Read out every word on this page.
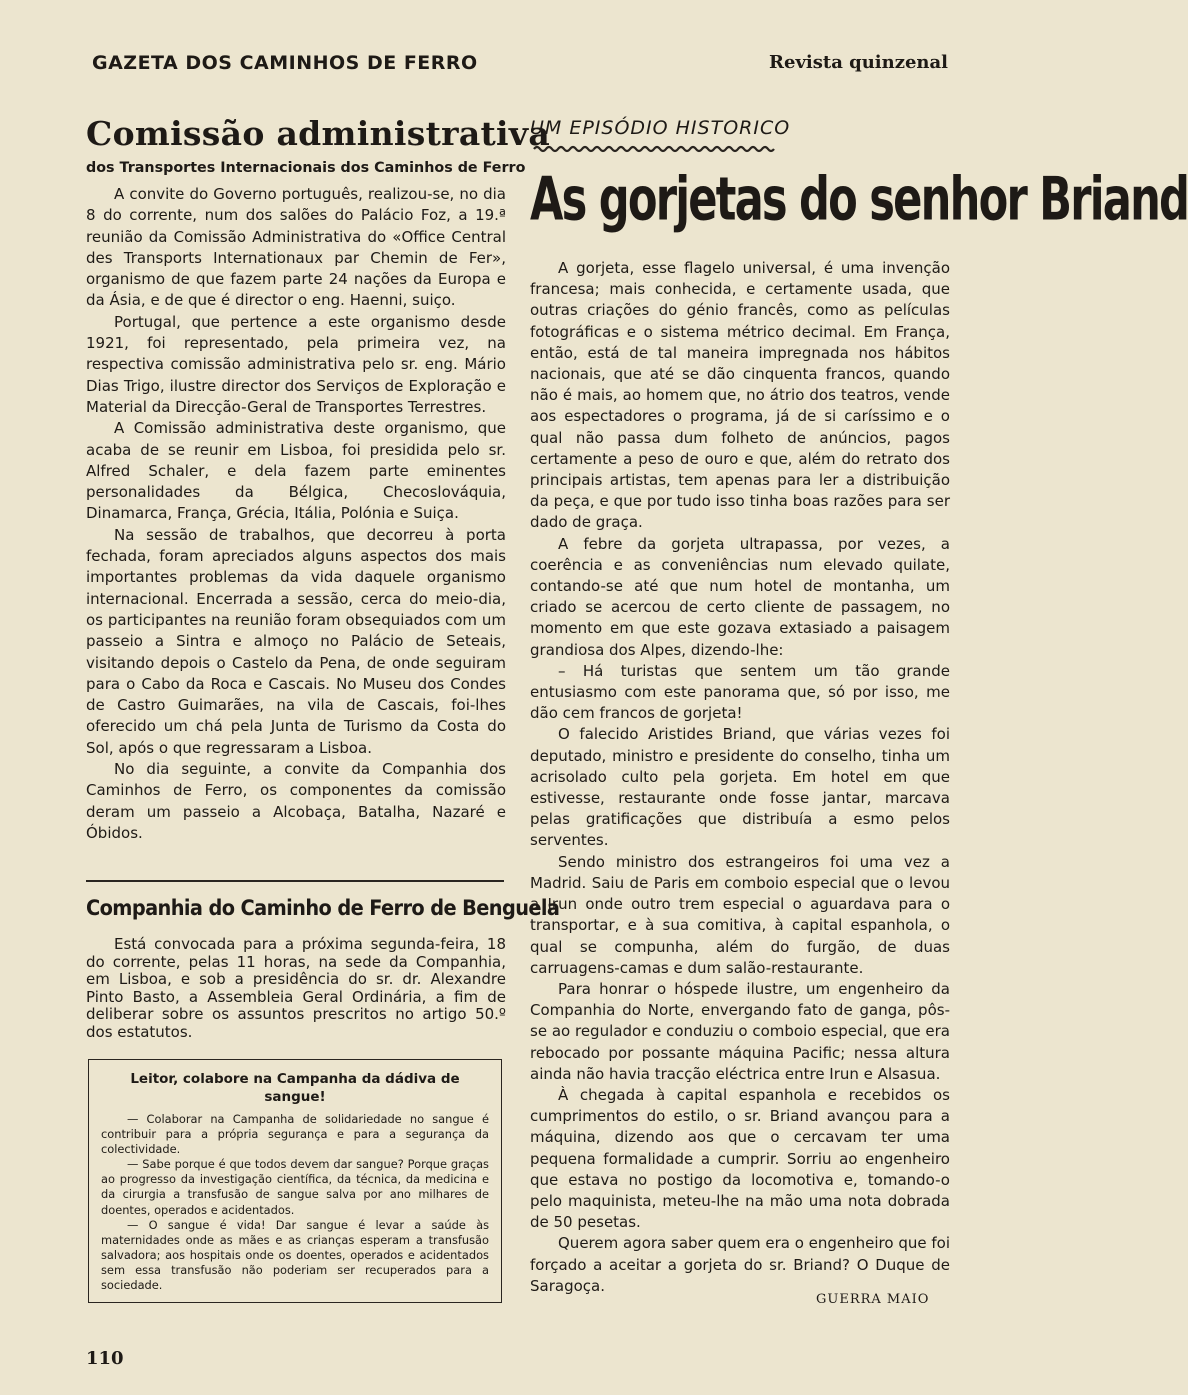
GAZETA DOS CAMINHOS DE FERRO	Revista quinzenal
Comissão administrativa
dos Transportes Internacionais dos Caminhos de Ferro

A convite do Governo português, realizou-se, no dia 8 do corrente, num dos salões do Palácio Foz, a 19.ª reunião da Comissão Administrativa do «Office Central des Transports Internationaux par Chemin de Fer», organismo de que fazem parte 24 nações da Europa e da Ásia, e de que é director o eng. Haenni, suiço.

Portugal, que pertence a este organismo desde 1921, foi representado, pela primeira vez, na respectiva comissão administrativa pelo sr. eng. Mário Dias Trigo, ilustre director dos Serviços de Exploração e Material da Direcção-Geral de Transportes Terrestres.

A Comissão administrativa deste organismo, que acaba de se reunir em Lisboa, foi presidida pelo sr. Alfred Schaler, e dela fazem parte eminentes personalidades da Bélgica, Checoslováquia, Dinamarca, França, Grécia, Itália, Polónia e Suiça.

Na sessão de trabalhos, que decorreu à porta fechada, foram apreciados alguns aspectos dos mais importantes problemas da vida daquele organismo internacional. Encerrada a sessão, cerca do meio-dia, os participantes na reunião foram obsequiados com um passeio a Sintra e almoço no Palácio de Seteais, visitando depois o Castelo da Pena, de onde seguiram para o Cabo da Roca e Cascais. No Museu dos Condes de Castro Guimarães, na vila de Cascais, foi-lhes oferecido um chá pela Junta de Turismo da Costa do Sol, após o que regressaram a Lisboa.

No dia seguinte, a convite da Companhia dos Caminhos de Ferro, os componentes da comissão deram um passeio a Alcobaça, Batalha, Nazaré e Óbidos.

Companhia do Caminho de Ferro de Benguela

Está convocada para a próxima segunda-feira, 18 do corrente, pelas 11 horas, na sede da Companhia, em Lisboa, e sob a presidência do sr. dr. Alexandre Pinto Basto, a Assembleia Geral Ordinária, a fim de deliberar sobre os assuntos prescritos no artigo 50.º dos estatutos.

Leitor, colabore na Campanha da dádiva de sangue!

— Colaborar na Campanha de solidariedade no sangue é contribuir para a própria segurança e para a segurança da colectividade.

— Sabe porque é que todos devem dar sangue? Porque graças ao progresso da investigação científica, da técnica, da medicina e da cirurgia a transfusão de sangue salva por ano milhares de doentes, operados e acidentados.

— O sangue é vida! Dar sangue é levar a saúde às maternidades onde as mães e as crianças esperam a transfusão salvadora; aos hospitais onde os doentes, operados e acidentados sem essa transfusão não poderiam ser recuperados para a sociedade.

110
UM EPISÓDIO HISTORICO
As gorjetas do senhor Briand

A gorjeta, esse flagelo universal, é uma invenção francesa; mais conhecida, e certamente usada, que outras criações do génio francês, como as películas fotográficas e o sistema métrico decimal. Em França, então, está de tal maneira impregnada nos hábitos nacionais, que até se dão cinquenta francos, quando não é mais, ao homem que, no átrio dos teatros, vende aos espectadores o programa, já de si caríssimo e o qual não passa dum folheto de anúncios, pagos certamente a peso de ouro e que, além do retrato dos principais artistas, tem apenas para ler a distribuição da peça, e que por tudo isso tinha boas razões para ser dado de graça.

A febre da gorjeta ultrapassa, por vezes, a coerência e as conveniências num elevado quilate, contando-se até que num hotel de montanha, um criado se acercou de certo cliente de passagem, no momento em que este gozava extasiado a paisagem grandiosa dos Alpes, dizendo-lhe:

– Há turistas que sentem um tão grande entusiasmo com este panorama que, só por isso, me dão cem francos de gorjeta!

O falecido Aristides Briand, que várias vezes foi deputado, ministro e presidente do conselho, tinha um acrisolado culto pela gorjeta. Em hotel em que estivesse, restaurante onde fosse jantar, marcava pelas gratificações que distribuía a esmo pelos serventes.

Sendo ministro dos estrangeiros foi uma vez a Madrid. Saiu de Paris em comboio especial que o levou a Irun onde outro trem especial o aguardava para o transportar, e à sua comitiva, à capital espanhola, o qual se compunha, além do furgão, de duas carruagens-camas e dum salão-restaurante.

Para honrar o hóspede ilustre, um engenheiro da Companhia do Norte, envergando fato de ganga, pôs-se ao regulador e conduziu o comboio especial, que era rebocado por possante máquina Pacific; nessa altura ainda não havia tracção eléctrica entre Irun e Alsasua.

À chegada à capital espanhola e recebidos os cumprimentos do estilo, o sr. Briand avançou para a máquina, dizendo aos que o cercavam ter uma pequena formalidade a cumprir. Sorriu ao engenheiro que estava no postigo da locomotiva e, tomando-o pelo maquinista, meteu-lhe na mão uma nota dobrada de 50 pesetas.

Querem agora saber quem era o engenheiro que foi forçado a aceitar a gorjeta do sr. Briand? O Duque de Saragoça.

GUERRA MAIO
